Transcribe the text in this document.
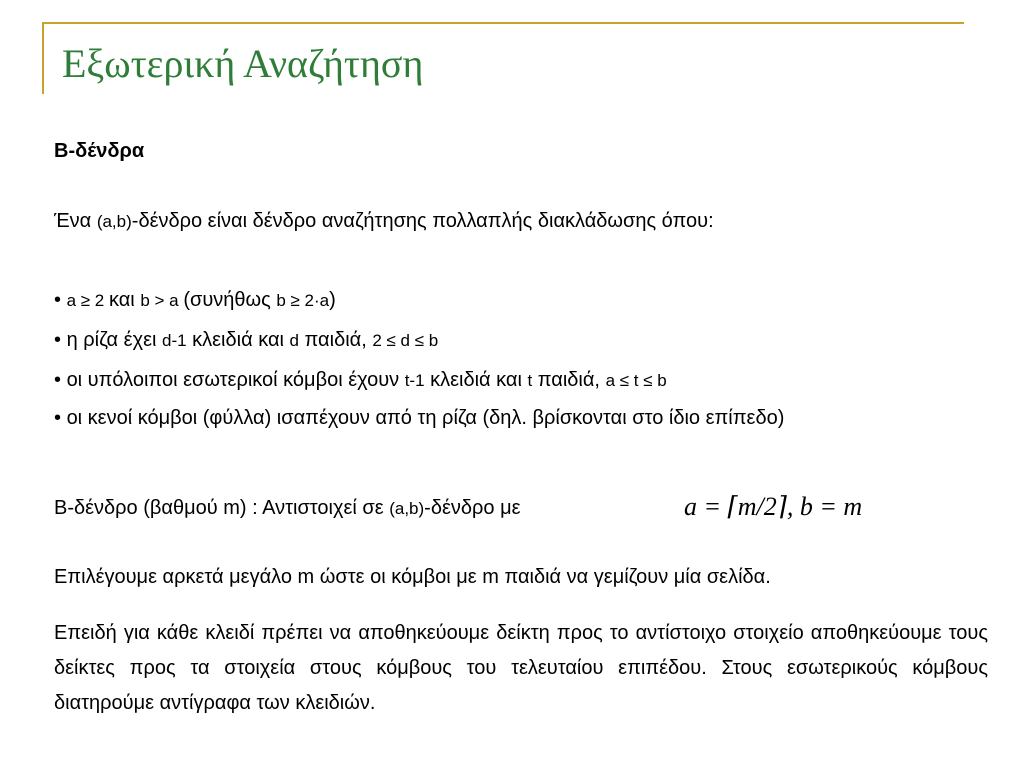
Εξωτερική Αναζήτηση
Β-δένδρα
Ένα (a,b)-δένδρο είναι δένδρο αναζήτησης πολλαπλής διακλάδωσης όπου:
• a ≥ 2 και b > a (συνήθως b ≥ 2·a)
• η ρίζα έχει d-1 κλειδιά και d παιδιά, 2 ≤ d ≤ b
• οι υπόλοιποι εσωτερικοί κόμβοι έχουν t-1 κλειδιά και t παιδιά, a ≤ t ≤ b
• οι κενοί κόμβοι (φύλλα) ισαπέχουν από τη ρίζα (δηλ. βρίσκονται στο ίδιο επίπεδο)
Β-δένδρο (βαθμού m) : Αντιστοιχεί σε (a,b)-δένδρο με	a = ⌈m/2⌉, b = m
Επιλέγουμε αρκετά μεγάλο m ώστε οι κόμβοι με m παιδιά να γεμίζουν μία σελίδα.
Επειδή για κάθε κλειδί πρέπει να αποθηκεύουμε δείκτη προς το αντίστοιχο στοιχείο αποθηκεύουμε τους δείκτες προς τα στοιχεία στους κόμβους του τελευταίου επιπέδου. Στους εσωτερικούς κόμβους διατηρούμε αντίγραφα των κλειδιών.
